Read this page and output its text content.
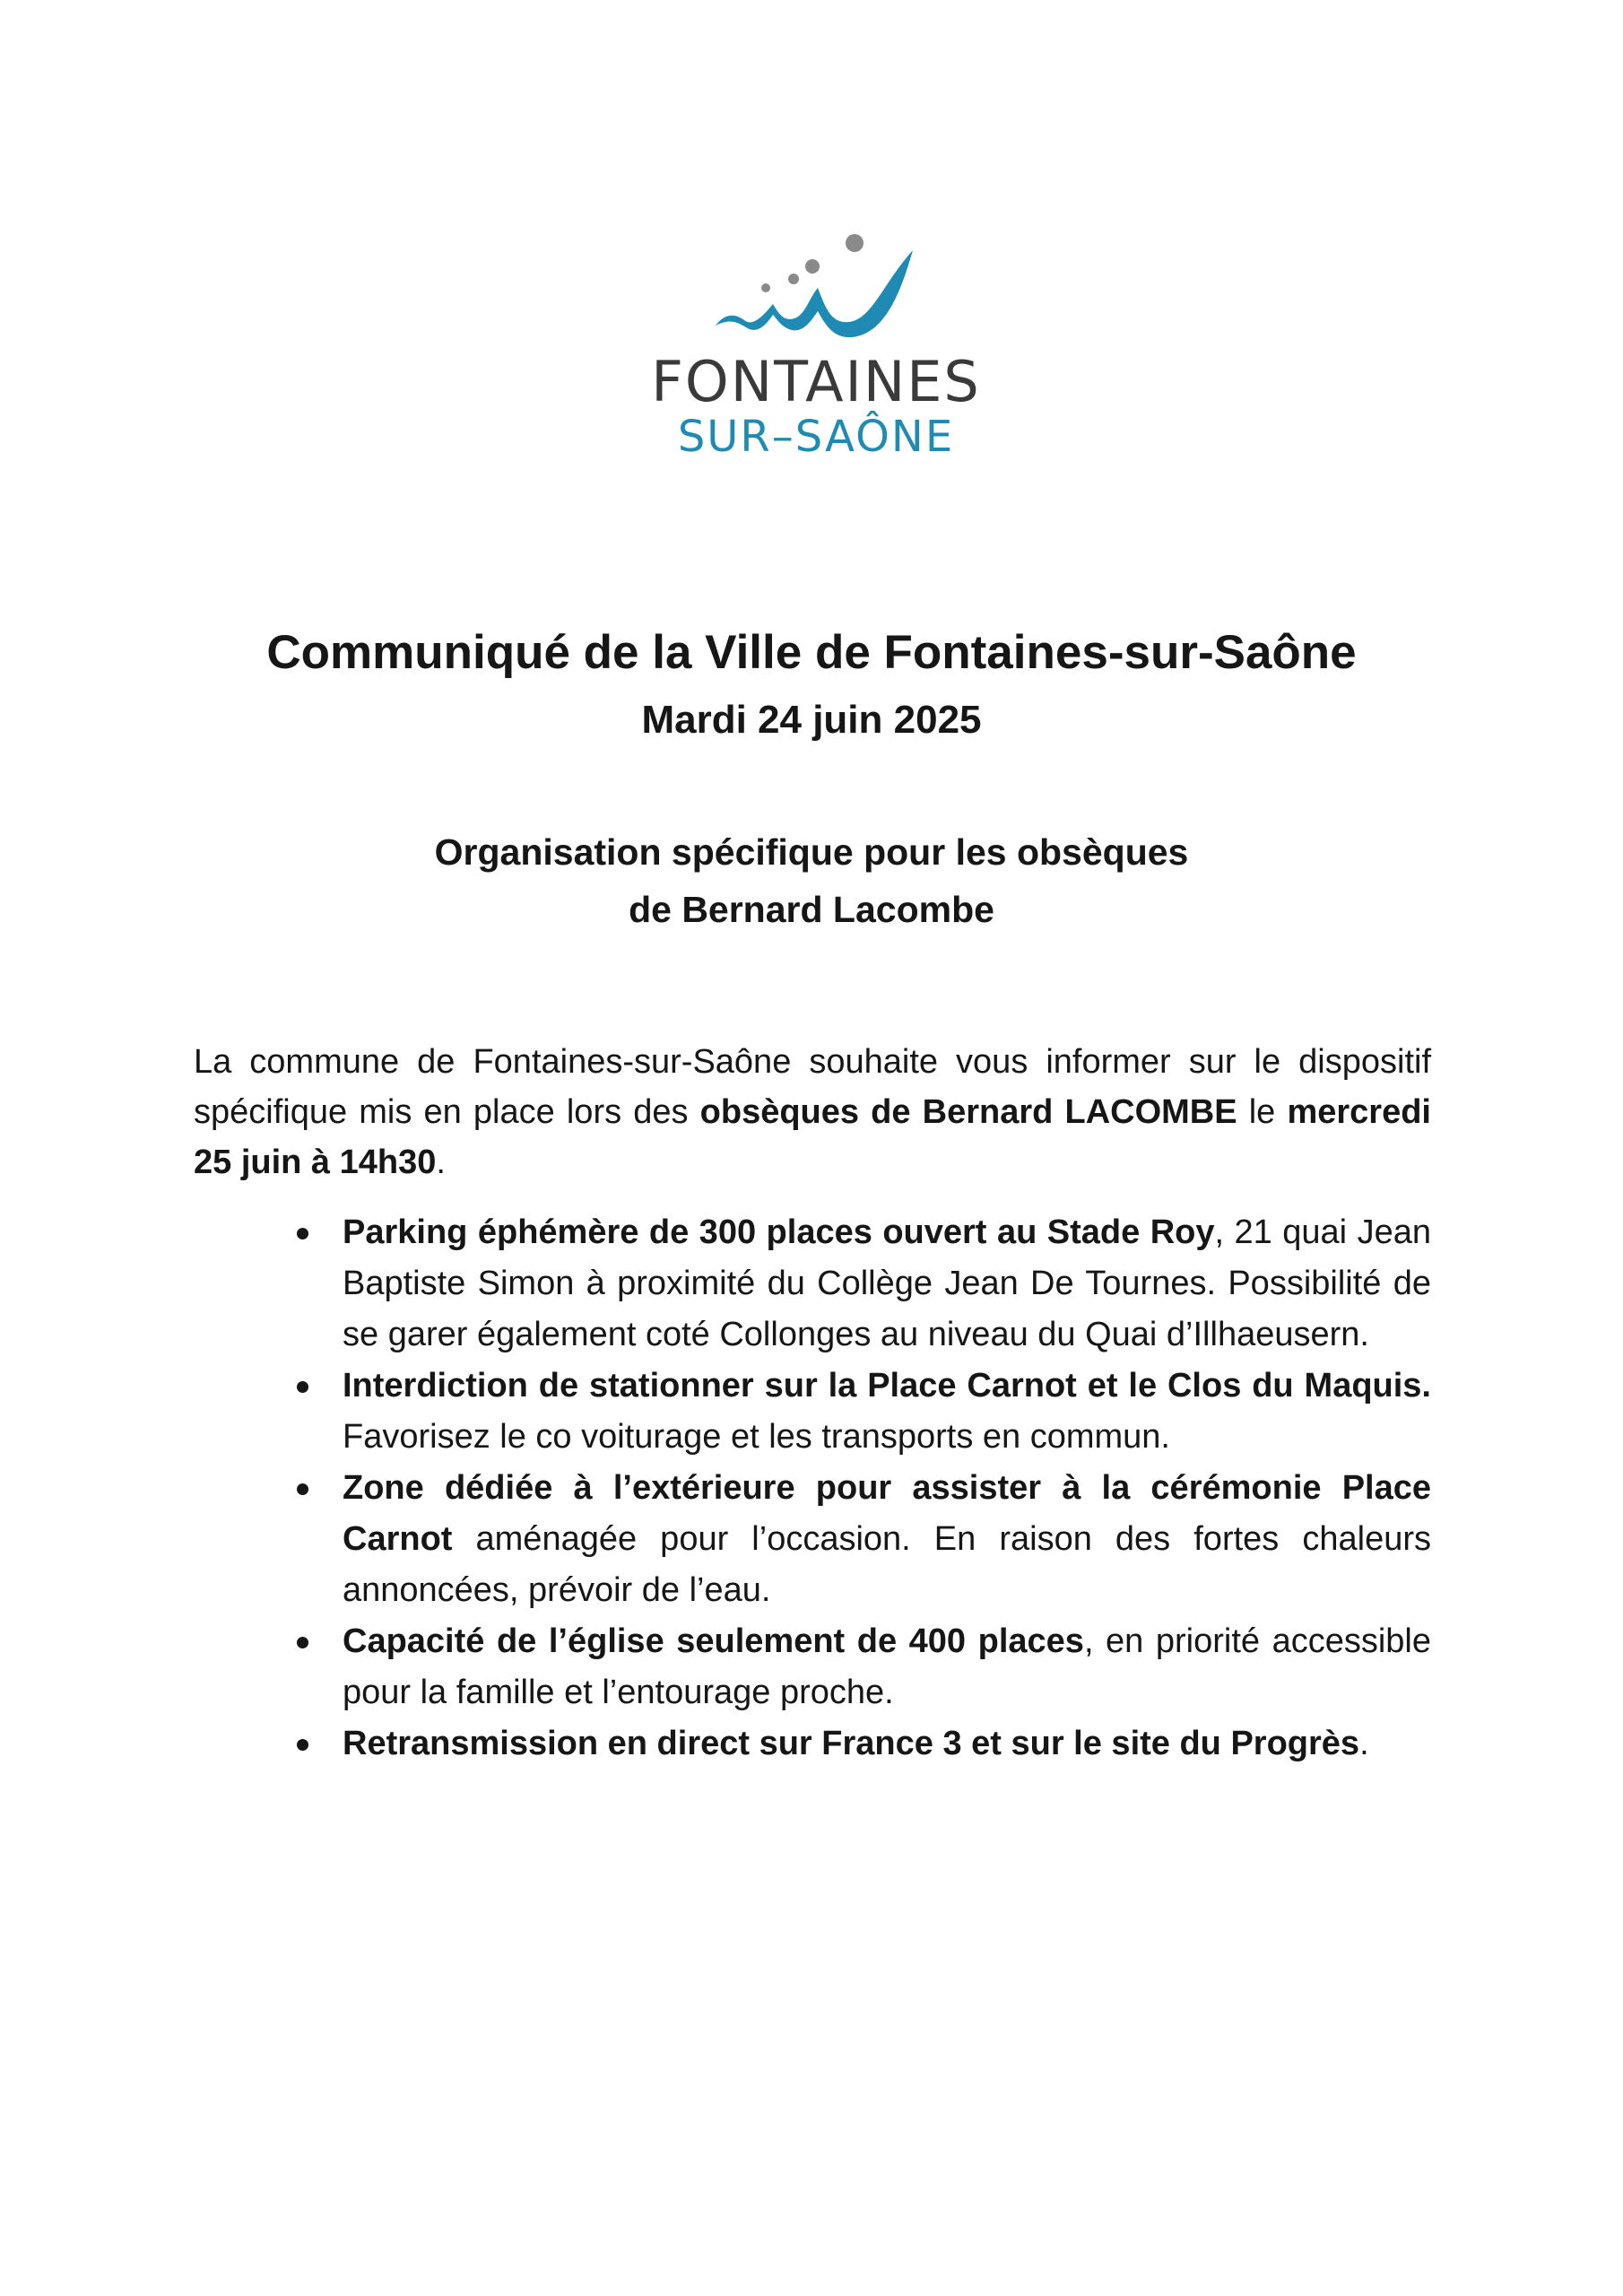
FONTAINES
SUR–SAÔNE
Communiqué de la Ville de Fontaines-sur-Saône
Mardi 24 juin 2025
Organisation spécifique pour les obsèques
de Bernard Lacombe
La commune de Fontaines-sur-Saône souhaite vous informer sur le dispositif spécifique mis en place lors des obsèques de Bernard LACOMBE le mercredi 25 juin à 14h30.
Parking éphémère de 300 places ouvert au Stade Roy, 21 quai Jean Baptiste Simon à proximité du Collège Jean De Tournes. Possibilité de se garer également coté Collonges au niveau du Quai d’Illhaeusern.
Interdiction de stationner sur la Place Carnot et le Clos du Maquis. Favorisez le co voiturage et les transports en commun.
Zone dédiée à l’extérieure pour assister à la cérémonie Place Carnot aménagée pour l’occasion. En raison des fortes chaleurs annoncées, prévoir de l’eau.
Capacité de l’église seulement de 400 places, en priorité accessible pour la famille et l’entourage proche.
Retransmission en direct sur France 3 et sur le site du Progrès.
